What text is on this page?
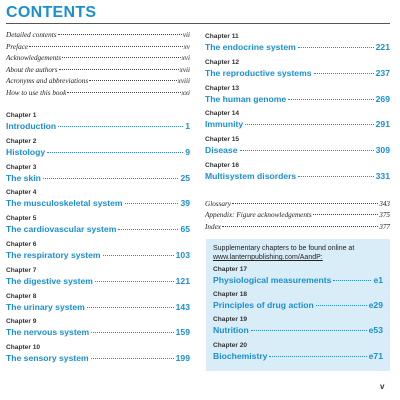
CONTENTS
Detailed contents	vii
Preface	xv
Acknowledgements	xvi
About the authors	xvii
Acronyms and abbreviations	xviii
How to use this book	xxi
Chapter 1
Introduction	1
Chapter 2
Histology	9
Chapter 3
The skin	25
Chapter 4
The musculoskeletal system	39
Chapter 5
The cardiovascular system	65
Chapter 6
The respiratory system	103
Chapter 7
The digestive system	121
Chapter 8
The urinary system	143
Chapter 9
The nervous system	159
Chapter 10
The sensory system	199
Chapter 11
The endocrine system	221
Chapter 12
The reproductive systems	237
Chapter 13
The human genome	269
Chapter 14
Immunity	291
Chapter 15
Disease	309
Chapter 16
Multisystem disorders	331
Glossary	343
Appendix: Figure acknowledgements	375
Index	377

Supplementary chapters to be found online at www.lanternpublishing.com/AandP:

Chapter 17
Physiological measurements	e1
Chapter 18
Principles of drug action	e29
Chapter 19
Nutrition	e53
Chapter 20
Biochemistry	e71
v
